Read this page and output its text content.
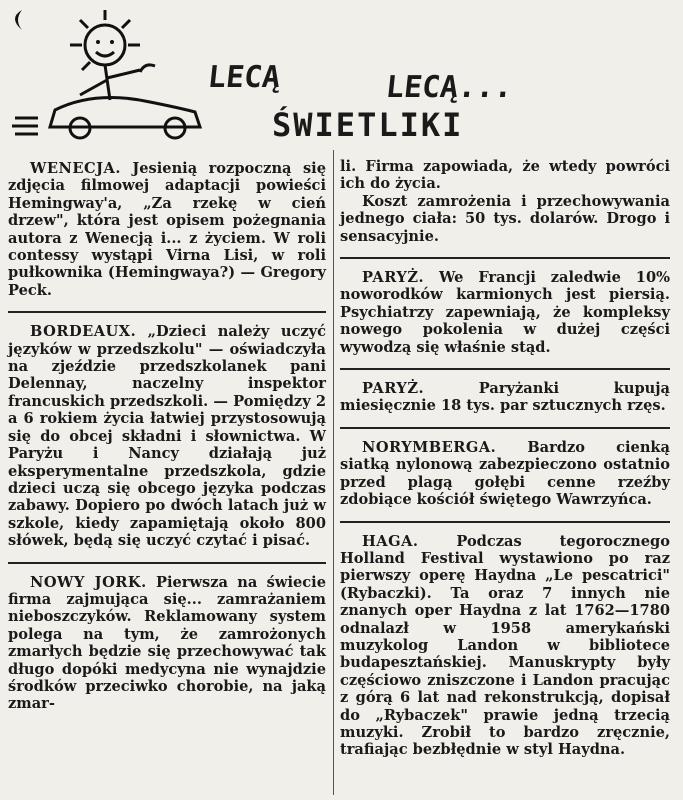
LECĄ	LECĄ...
ŚWIETLIKI

WENECJA. Jesienią rozpoczną się zdjęcia filmowej adaptacji powieści Hemingway'a, „Za rzekę w cień drzew", która jest opisem pożegnania autora z Wenecją i... z życiem. W roli contessy wystąpi Virna Lisi, w roli pułkownika (Hemingwaya?) — Gregory Peck.

BORDEAUX. „Dzieci należy uczyć języków w przedszkolu" — oświadczyła na zjeździe przedszkolanek pani Delennay, naczelny inspektor francuskich przedszkoli. — Pomiędzy 2 a 6 rokiem życia łatwiej przystosowują się do obcej składni i słownictwa. W Paryżu i Nancy działają już eksperymentalne przedszkola, gdzie dzieci uczą się obcego języka podczas zabawy. Dopiero po dwóch latach już w szkole, kiedy zapamiętają około 800 słówek, będą się uczyć czytać i pisać.

NOWY JORK. Pierwsza na świecie firma zajmująca się... zamrażaniem nieboszczyków. Reklamowany system polega na tym, że zamrożonych zmarłych będzie się przechowywać tak długo dopóki medycyna nie wynajdzie środków przeciwko chorobie, na jaką zmar-

li. Firma zapowiada, że wtedy powróci ich do życia.

Koszt zamrożenia i przechowywania jednego ciała: 50 tys. dolarów. Drogo i sensacyjnie.

PARYŻ. We Francji zaledwie 10% noworodków karmionych jest piersią. Psychiatrzy zapewniają, że kompleksy nowego pokolenia w dużej części wywodzą się właśnie stąd.

PARYŻ. Paryżanki kupują miesięcznie 18 tys. par sztucznych rzęs.

NORYMBERGA. Bardzo cienką siatką nylonową zabezpieczono ostatnio przed plagą gołębi cenne rzeźby zdobiące kościół świętego Wawrzyńca.

HAGA. Podczas tegorocznego Holland Festival wystawiono po raz pierwszy operę Haydna „Le pescatrici" (Rybaczki). Ta oraz 7 innych nie znanych oper Haydna z lat 1762—1780 odnalazł w 1958 amerykański muzykolog Landon w bibliotece budapesztańskiej. Manuskrypty były częściowo zniszczone i Landon pracując z górą 6 lat nad rekonstrukcją, dopisał do „Rybaczek" prawie jedną trzecią muzyki. Zrobił to bardzo zręcznie, trafiając bezbłędnie w styl Haydna.
